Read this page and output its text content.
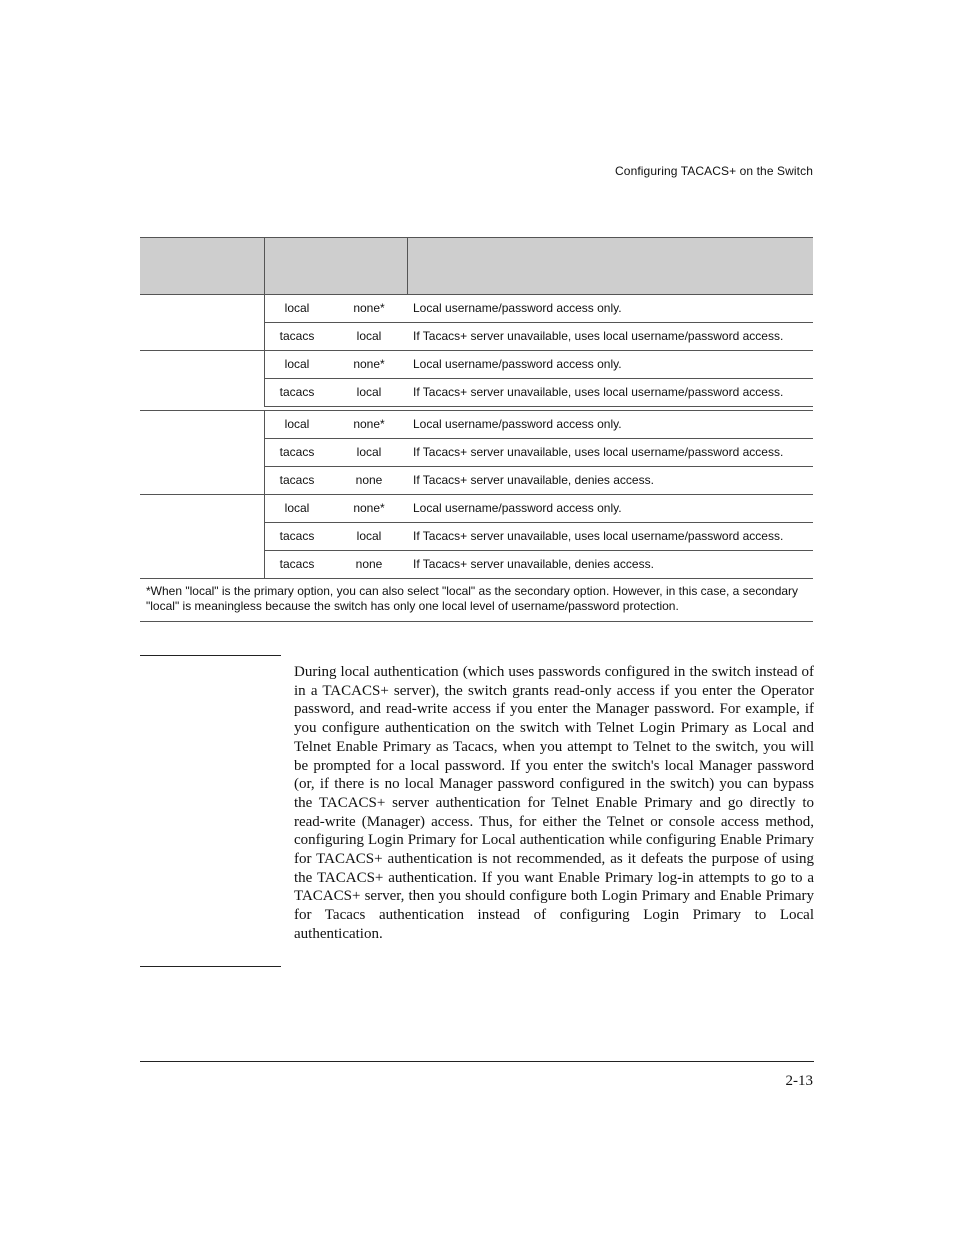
Configuring TACACS+ on the Switch
local	none*	Local username/password access only.
tacacs	local	If Tacacs+ server unavailable, uses local username/password access.
local	none*	Local username/password access only.
tacacs	local	If Tacacs+ server unavailable, uses local username/password access.
local	none*	Local username/password access only.
tacacs	local	If Tacacs+ server unavailable, uses local username/password access.
tacacs	none	If Tacacs+ server unavailable, denies access.
local	none*	Local username/password access only.
tacacs	local	If Tacacs+ server unavailable, uses local username/password access.
tacacs	none	If Tacacs+ server unavailable, denies access.
*When "local" is the primary option, you can also select "local" as the secondary option. However, in this case, a secondary "local" is meaningless because the switch has only one local level of username/password protection.
During local authentication (which uses passwords configured in the switch instead of in a TACACS+ server), the switch grants read-only access if you enter the Operator password, and read-write access if you enter the Manager password. For example, if you configure authentication on the switch with Telnet Login Primary as Local and Telnet Enable Primary as Tacacs, when you attempt to Telnet to the switch, you will be prompted for a local password. If you enter the switch's local Manager password (or, if there is no local Manager password configured in the switch) you can bypass the TACACS+ server authentication for Telnet Enable Primary and go directly to read-write (Manager) access. Thus, for either the Telnet or console access method, configuring Login Primary for Local authentication while configuring Enable Primary for TACACS+ authentication is not recommended, as it defeats the purpose of using the TACACS+ authentication. If you want Enable Primary log-in attempts to go to a TACACS+ server, then you should configure both Login Primary and Enable Primary for Tacacs authentication instead of configuring Login Primary to Local authentication.
2-13
